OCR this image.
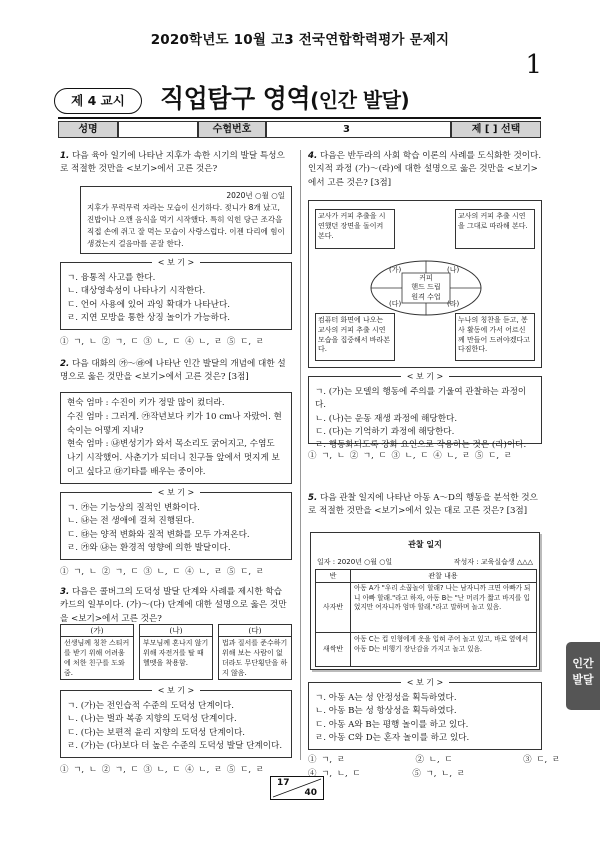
2020학년도 10월 고3 전국연합학력평가 문제지
1
제 4 교시	직업탐구 영역(인간 발달)
성명	수험번호	3	제 [ ] 선택
1. 다음 육아 일기에 나타난 지후가 속한 시기의 발달 특성으로 적절한 것만을 <보기>에서 고른 것은?
2020년 ○월 ○일
지후가 무럭무럭 자라는 모습이 신기하다. 젖니가 8개 났고, 진밥이나 으깬 음식을 먹기 시작했다. 특히 익힌 당근 조각을 직접 손에 쥐고 잘 먹는 모습이 사랑스럽다. 이젠 다리에 힘이 생겼는지 걸음마를 곧잘 한다.
< 보 기 >
ㄱ. 융통적 사고를 한다.
ㄴ. 대상영속성이 나타나기 시작한다.
ㄷ. 언어 사용에 있어 과잉 확대가 나타난다.
ㄹ. 지연 모방을 통한 상징 놀이가 가능하다.
① ㄱ, ㄴ ② ㄱ, ㄷ ③ ㄴ, ㄷ ④ ㄴ, ㄹ ⑤ ㄷ, ㄹ
2. 다음 대화의 ㉮～㉱에 나타난 인간 발달의 개념에 대한 설명으로 옳은 것만을 <보기>에서 고른 것은? [3점]
현숙 엄마 : 수진이 키가 정말 많이 컸더라.
수진 엄마 : 그러게. ㉮작년보다 키가 10 cm나 자랐어. 현숙이는 어떻게 지내?
현숙 엄마 : ㉯변성기가 와서 목소리도 굵어지고, 수염도 나기 시작했어. 사춘기가 되더니 친구들 앞에서 멋지게 보이고 싶다고 ㉰기타를 배우는 중이야.
< 보 기 >
ㄱ. ㉮는 기능상의 질적인 변화이다.
ㄴ. ㉯는 전 생애에 걸쳐 진행된다.
ㄷ. ㉰는 양적 변화와 질적 변화를 모두 가져온다.
ㄹ. ㉮와 ㉯는 환경적 영향에 의한 발달이다.
① ㄱ, ㄴ ② ㄱ, ㄷ ③ ㄴ, ㄷ ④ ㄴ, ㄹ ⑤ ㄷ, ㄹ
3. 다음은 콜버그의 도덕성 발달 단계와 사례를 제시한 학습 카드의 일부이다. (가)～(다) 단계에 대한 설명으로 옳은 것만을 <보기>에서 고른 것은?
(가)
선생님께 칭찬 스티커를 받기 위해 어려움에 처한 친구를 도와줌.
(나)
부모님께 혼나지 않기 위해 자전거를 탈 때 헬멧을 착용함.
(다)
법과 질서를 준수하기 위해 보는 사람이 없더라도 무단횡단을 하지 않음.
< 보 기 >
ㄱ. (가)는 전인습적 수준의 도덕성 단계이다.
ㄴ. (나)는 벌과 복종 지향의 도덕성 단계이다.
ㄷ. (다)는 보편적 윤리 지향의 도덕성 단계이다.
ㄹ. (가)는 (다)보다 더 높은 수준의 도덕성 발달 단계이다.
① ㄱ, ㄴ ② ㄱ, ㄷ ③ ㄴ, ㄷ ④ ㄴ, ㄹ ⑤ ㄷ, ㄹ
4. 다음은 반두라의 사회 학습 이론의 사례를 도식화한 것이다. 인지적 과정 (가)～(라)에 대한 설명으로 옳은 것만을 <보기>에서 고른 것은? [3점]
교사가 커피 추출을 시연했던 장면을 돌이켜 본다.
교사의 커피 추출 시연을 그대로 따라해 본다.
컴퓨터 화면에 나오는 교사의 커피 추출 시연 모습을 집중해서 바라본다.
누나의 칭찬을 듣고, 봉사 활동에 가서 어르신께 만들어 드려야겠다고 다짐한다.
커피
핸드 드립
원격 수업
(가)	(나)
(다)	(라)
< 보 기 >
ㄱ. (가)는 모델의 행동에 주의를 기울여 관찰하는 과정이다.
ㄴ. (나)는 운동 재생 과정에 해당한다.
ㄷ. (다)는 기억하기 과정에 해당한다.
ㄹ. 행동화되도록 강화 요인으로 작용하는 것은 (라)이다.
① ㄱ, ㄴ ② ㄱ, ㄷ ③ ㄴ, ㄷ ④ ㄴ, ㄹ ⑤ ㄷ, ㄹ
5. 다음 관찰 일지에 나타난 아동 A～D의 행동을 분석한 것으로 적절한 것만을 <보기>에서 있는 대로 고른 것은? [3점]
관찰 일지
일자 : 2020년 ○월 ○일	작성자 : 교육실습생 △△△
반	관찰 내용
사자반
아동 A가 "우리 소꿉놀이 할래? 나는 남자니까 크면 아빠가 되니 아빠 할래."라고 하자, 아동 B는 "난 머리가 짧고 바지를 입었지만 여자니까 엄마 할래."라고 말하며 놀고 있음.
새싹반
아동 C는 컵 인형에게 옷을 입혀 주어 놀고 있고, 바로 옆에서 아동 D는 비행기 장난감을 가지고 놀고 있음.
< 보 기 >
ㄱ. 아동 A는 성 안정성을 획득하였다.
ㄴ. 아동 B는 성 항상성을 획득하였다.
ㄷ. 아동 A와 B는 평행 놀이를 하고 있다.
ㄹ. 아동 C와 D는 혼자 놀이를 하고 있다.
① ㄱ, ㄹ               ② ㄴ, ㄷ               ③ ㄷ, ㄹ
④ ㄱ, ㄴ, ㄷ           ⑤ ㄱ, ㄴ, ㄹ
인간
발달
17
40
